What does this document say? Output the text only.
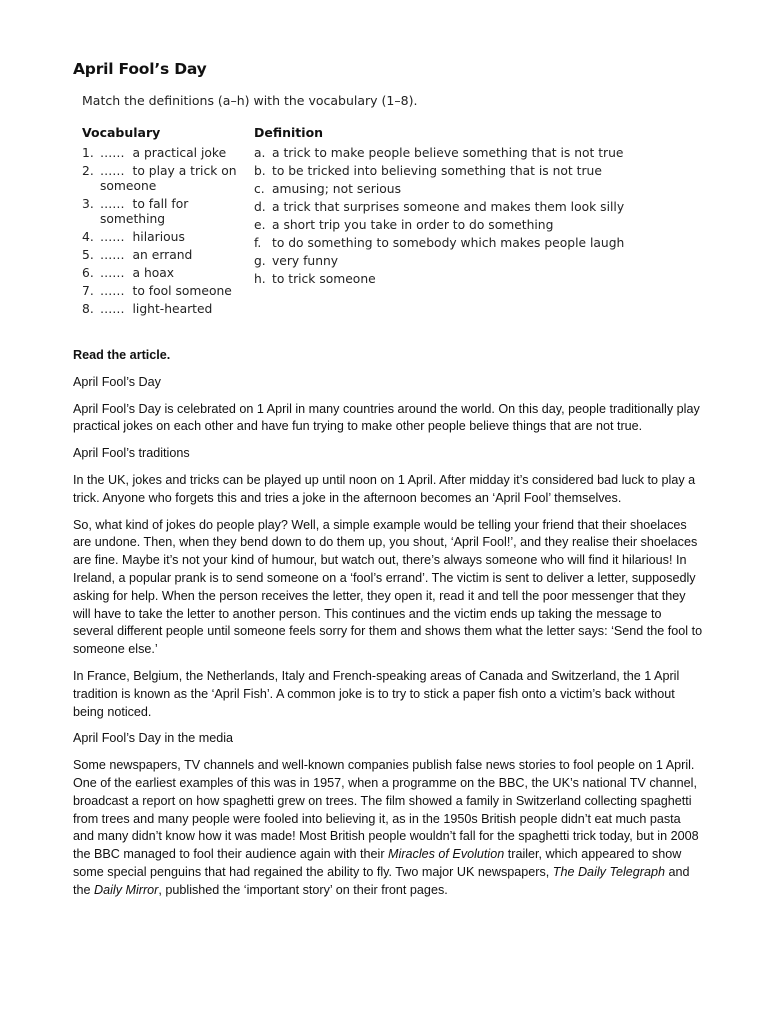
April Fool’s Day
Match the definitions (a–h) with the vocabulary (1–8).
Vocabulary	Definition
1. …… a practical joke
2. …… to play a trick on someone
3. …… to fall for something
4. …… hilarious
5. …… an errand
6. …… a hoax
7. …… to fool someone
8. …… light-hearted
a. a trick to make people believe something that is not true
b. to be tricked into believing something that is not true
c. amusing; not serious
d. a trick that surprises someone and makes them look silly
e. a short trip you take in order to do something
f. to do something to somebody which makes people laugh
g. very funny
h. to trick someone

Read the article.

April Fool’s Day

April Fool’s Day is celebrated on 1 April in many countries around the world. On this day, people traditionally play practical jokes on each other and have fun trying to make other people believe things that are not true.

April Fool’s traditions

In the UK, jokes and tricks can be played up until noon on 1 April. After midday it’s considered bad luck to play a trick. Anyone who forgets this and tries a joke in the afternoon becomes an ‘April Fool’ themselves.

So, what kind of jokes do people play? Well, a simple example would be telling your friend that their shoelaces are undone. Then, when they bend down to do them up, you shout, ‘April Fool!’, and they realise their shoelaces are fine. Maybe it’s not your kind of humour, but watch out, there’s always someone who will find it hilarious! In Ireland, a popular prank is to send someone on a ‘fool’s errand’. The victim is sent to deliver a letter, supposedly asking for help. When the person receives the letter, they open it, read it and tell the poor messenger that they will have to take the letter to another person. This continues and the victim ends up taking the message to several different people until someone feels sorry for them and shows them what the letter says: ‘Send the fool to someone else.’

In France, Belgium, the Netherlands, Italy and French-speaking areas of Canada and Switzerland, the 1 April tradition is known as the ‘April Fish’. A common joke is to try to stick a paper fish onto a victim’s back without being noticed.

April Fool’s Day in the media

Some newspapers, TV channels and well-known companies publish false news stories to fool people on 1 April. One of the earliest examples of this was in 1957, when a programme on the BBC, the UK’s national TV channel, broadcast a report on how spaghetti grew on trees. The film showed a family in Switzerland collecting spaghetti from trees and many people were fooled into believing it, as in the 1950s British people didn’t eat much pasta and many didn’t know how it was made! Most British people wouldn’t fall for the spaghetti trick today, but in 2008 the BBC managed to fool their audience again with their Miracles of Evolution trailer, which appeared to show some special penguins that had regained the ability to fly. Two major UK newspapers, The Daily Telegraph and the Daily Mirror, published the ‘important story’ on their front pages.
